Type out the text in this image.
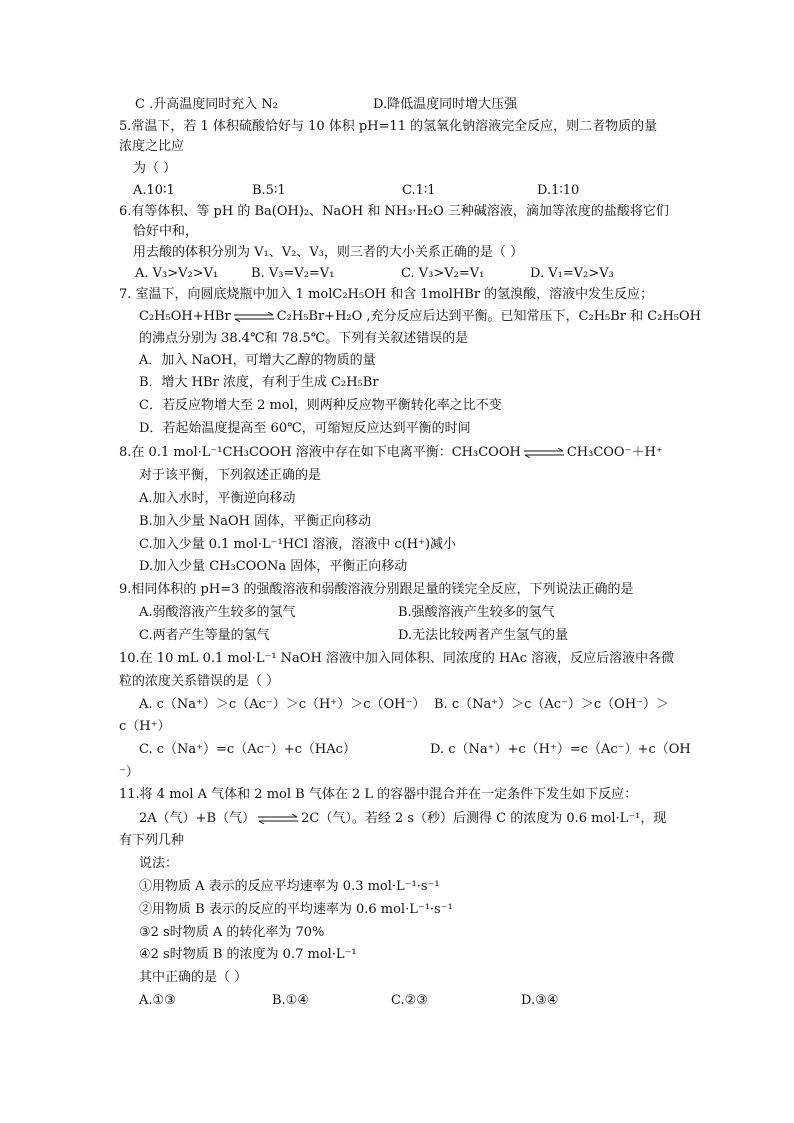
C .升高温度同时充入 N₂	D.降低温度同时增大压强
5.常温下，若 1 体积硫酸恰好与 10 体积 pH=11 的氢氧化钠溶液完全反应，则二者物质的量
浓度之比应
为（ ）
A.10∶1	B.5∶1	C.1∶1	D.1∶10
6.有等体积、等 pH 的 Ba(OH)₂、NaOH 和 NH₃·H₂O 三种碱溶液，滴加等浓度的盐酸将它们
恰好中和，
用去酸的体积分别为 V₁、V₂、V₃，则三者的大小关系正确的是（ ）
A. V₃>V₂>V₁	B. V₃=V₂=V₁	C. V₃>V₂=V₁	D. V₁=V₂>V₃
7. 室温下，向圆底烧瓶中加入 1 molC₂H₅OH 和含 1molHBr 的氢溴酸，溶液中发生反应；
C₂H₅OH+HBr ⇌ C₂H₅Br+H₂O ,充分反应后达到平衡。已知常压下，C₂H₅Br 和 C₂H₅OH
的沸点分别为 38.4℃和 78.5℃。下列有关叙述错误的是
A．加入 NaOH，可增大乙醇的物质的量
B．增大 HBr 浓度，有利于生成 C₂H₅Br
C．若反应物增大至 2 mol，则两种反应物平衡转化率之比不变
D．若起始温度提高至 60℃，可缩短反应达到平衡的时间
8.在 0.1 mol·L⁻¹CH₃COOH 溶液中存在如下电离平衡：CH₃COOH ⇌ CH₃COO⁻＋H⁺
对于该平衡，下列叙述正确的是
A.加入水时，平衡逆向移动
B.加入少量 NaOH 固体，平衡正向移动
C.加入少量 0.1 mol·L⁻¹HCl 溶液，溶液中 c(H⁺)减小
D.加入少量 CH₃COONa 固体，平衡正向移动
9.相同体积的 pH=3 的强酸溶液和弱酸溶液分别跟足量的镁完全反应，下列说法正确的是
A.弱酸溶液产生较多的氢气	B.强酸溶液产生较多的氢气
C.两者产生等量的氢气	D.无法比较两者产生氢气的量
10.在 10 mL 0.1 mol·L⁻¹ NaOH 溶液中加入同体积、同浓度的 HAc 溶液，反应后溶液中各微
粒的浓度关系错误的是（ ）
A. c（Na⁺）＞c（Ac⁻）＞c（H⁺）＞c（OH⁻） B. c（Na⁺）＞c（Ac⁻）＞c（OH⁻）＞
c（H⁺）
C. c（Na⁺）=c（Ac⁻）+c（HAc）	D. c（Na⁺）+c（H⁺）=c（Ac⁻）+c（OH
⁻）
11.将 4 mol A 气体和 2 mol B 气体在 2 L 的容器中混合并在一定条件下发生如下反应：
2A（气）+B（气） ⇌ 2C（气）。若经 2 s（秒）后测得 C 的浓度为 0.6 mol·L⁻¹，现
有下列几种
说法：
①用物质 A 表示的反应平均速率为 0.3 mol·L⁻¹·s⁻¹
②用物质 B 表示的反应的平均速率为 0.6 mol·L⁻¹·s⁻¹
③2 s时物质 A 的转化率为 70%
④2 s时物质 B 的浓度为 0.7 mol·L⁻¹
其中正确的是（ ）
A.①③	B.①④	C.②③	D.③④
